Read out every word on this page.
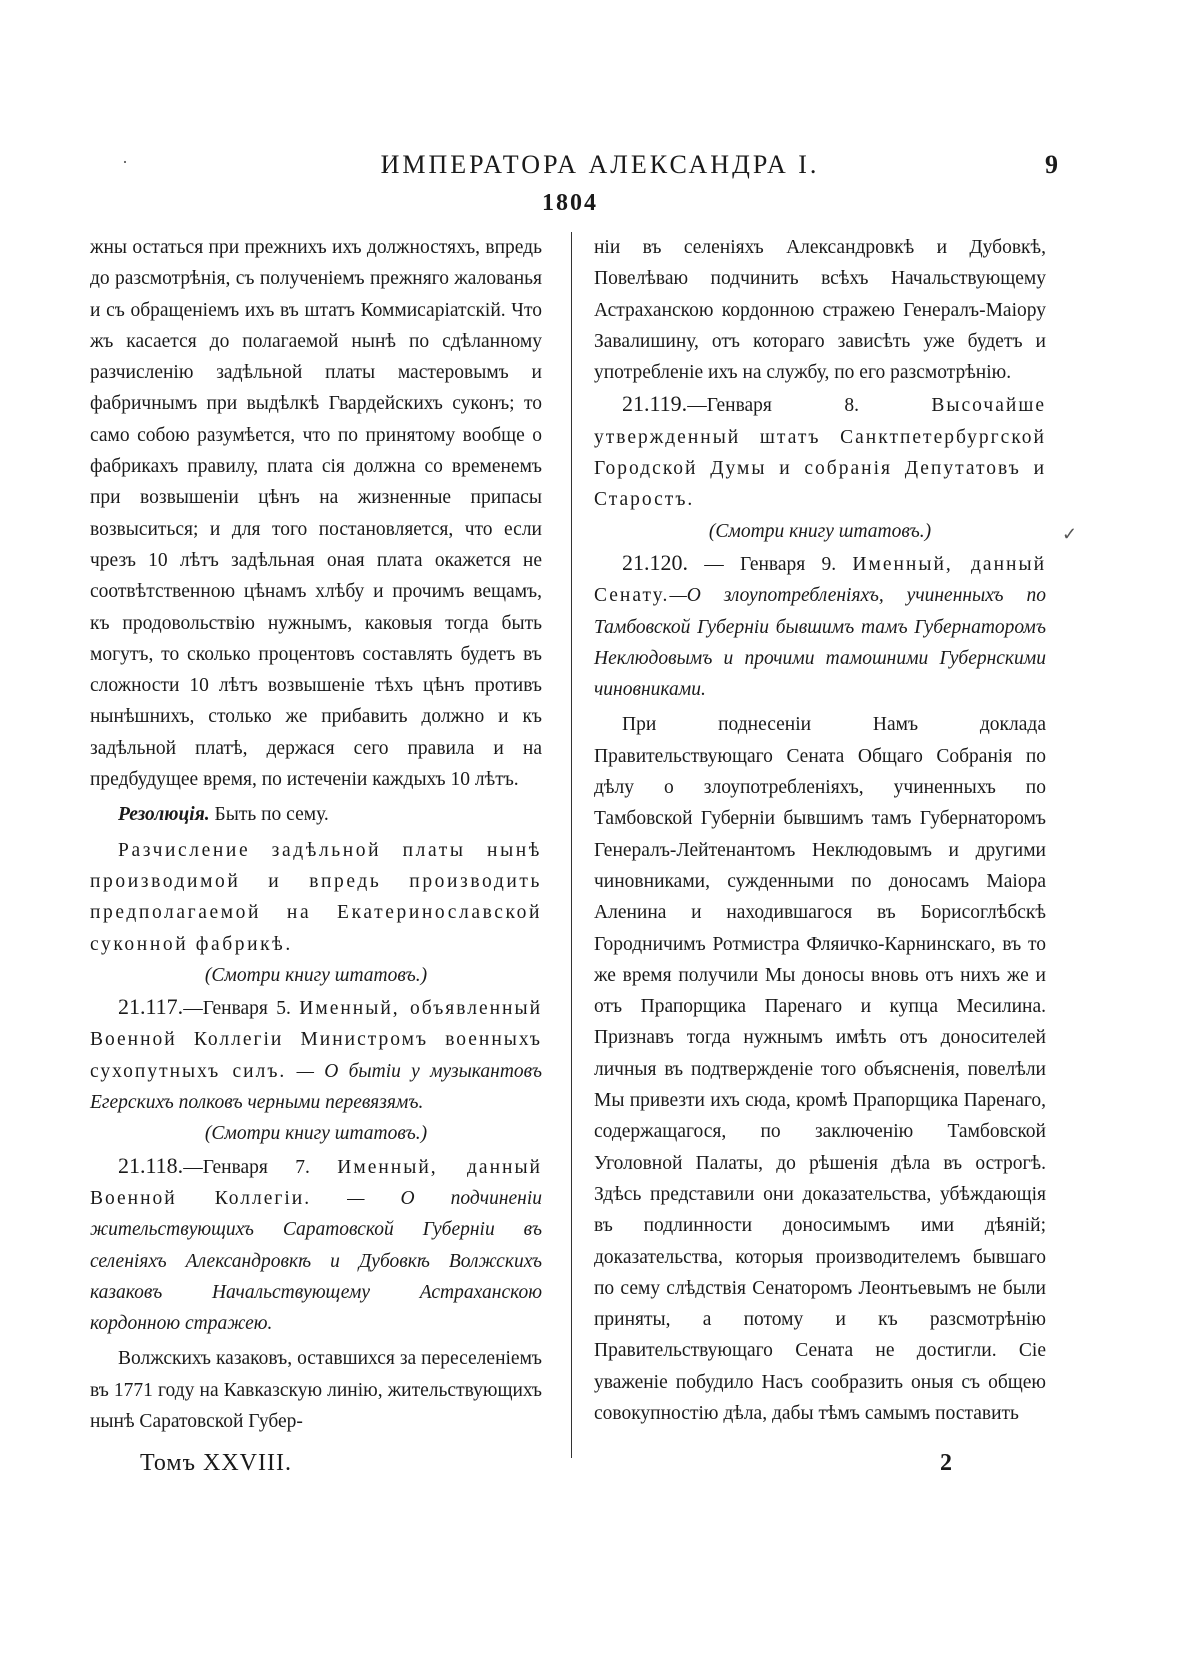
ИМПЕРАТОРА АЛЕКСАНДРА I.	9
1804
·
✓

жны остаться при прежнихъ ихъ должностяхъ, впредь до разсмотрѣнія, съ полученіемъ прежняго жалованья и съ обращеніемъ ихъ въ штатъ Коммисаріатскій. Что жъ касается до полагаемой нынѣ по сдѣланному разчисленію задѣльной платы мастеровымъ и фабричнымъ при выдѣлкѣ Гвардейскихъ суконъ; то само собою разумѣется, что по принятому вообще о фабрикахъ правилу, плата сія должна со временемъ при возвышеніи цѣнъ на жизненные припасы возвыситься; и для того постановляется, что если чрезъ 10 лѣтъ задѣльная оная плата окажется не соотвѣтственною цѣнамъ хлѣбу и прочимъ вещамъ, къ продовольствію нужнымъ, каковыя тогда быть могутъ, то сколько процентовъ составлять будетъ въ сложности 10 лѣтъ возвышеніе тѣхъ цѣнъ противъ нынѣшнихъ, столько же прибавить должно и къ задѣльной платѣ, держася сего правила и на предбудущее время, по истеченіи каждыхъ 10 лѣтъ.

Резолюція. Быть по сему.

Разчисление задѣльной платы нынѣ производимой и впредь производить предполагаемой на Екатеринославской суконной фабрикѣ.

(Смотри книгу штатовъ.)

21.117.—Генваря 5. Именный, объявленный Военной Коллегіи Министромъ военныхъ сухопутныхъ силъ. — О бытіи у музыкантовъ Егерскихъ полковъ черными перевязямъ.

(Смотри книгу штатовъ.)

21.118.—Генваря 7. Именный, данный Военной Коллегіи. — О подчиненіи жительствующихъ Саратовской Губерніи въ селеніяхъ Александровкѣ и Дубовкѣ Волжскихъ казаковъ Начальствующему Астраханскою кордонною стражею.

Волжскихъ казаковъ, оставшихся за переселеніемъ въ 1771 году на Кавказскую линію, жительствующихъ нынѣ Саратовской Губер-

ніи въ селеніяхъ Александровкѣ и Дубовкѣ, Повелѣваю подчинить всѣхъ Начальствующему Астраханскою кордонною стражею Генералъ-Маіору Завалишину, отъ котораго зависѣть уже будетъ и употребленіе ихъ на службу, по его разсмотрѣнію.

21.119.—Генваря 8.	Высочайше утвержденный штатъ Санктпетербургской Городской Думы и собранія Депутатовъ и Старостъ.

(Смотри книгу штатовъ.)

21.120. — Генваря 9. Именный, данный Сенату.—О злоупотребленіяхъ, учиненныхъ по Тамбовской Губерніи бывшимъ тамъ Губернаторомъ Неклюдовымъ и прочими тамошними Губернскими чиновниками.

При поднесеніи Намъ доклада Правительствующаго Сената Общаго Собранія по дѣлу о злоупотребленіяхъ, учиненныхъ по Тамбовской Губерніи бывшимъ тамъ Губернаторомъ Генералъ-Лейтенантомъ Неклюдовымъ и другими чиновниками, сужденными по доносамъ Маіора Аленина и находившагося въ Борисоглѣбскѣ Городничимъ Ротмистра Фляичко-Карнинскаго, въ то же время получили Мы доносы вновь отъ нихъ же и отъ Прапорщика Паренаго и купца Месилина. Признавъ тогда нужнымъ имѣть отъ доносителей личныя въ подтвержденіе того объясненія, повелѣли Мы привезти ихъ сюда, кромѣ Прапорщика Паренаго, содержащагося, по заключенію Тамбовской Уголовной Палаты, до рѣшенія дѣла въ острогѣ. Здѣсь представили они доказательства, убѣждающія въ подлинности доносимымъ ими дѣяній; доказательства, которыя производителемъ бывшаго по сему слѣдствія Сенаторомъ Леонтьевымъ не были приняты, а потому и къ разсмотрѣнію Правительствующаго Сената не достигли. Сіе уваженіе побудило Насъ сообразить оныя съ общею совокупностію дѣла, дабы тѣмъ самымъ поставить

Томъ XXVIII.	2
